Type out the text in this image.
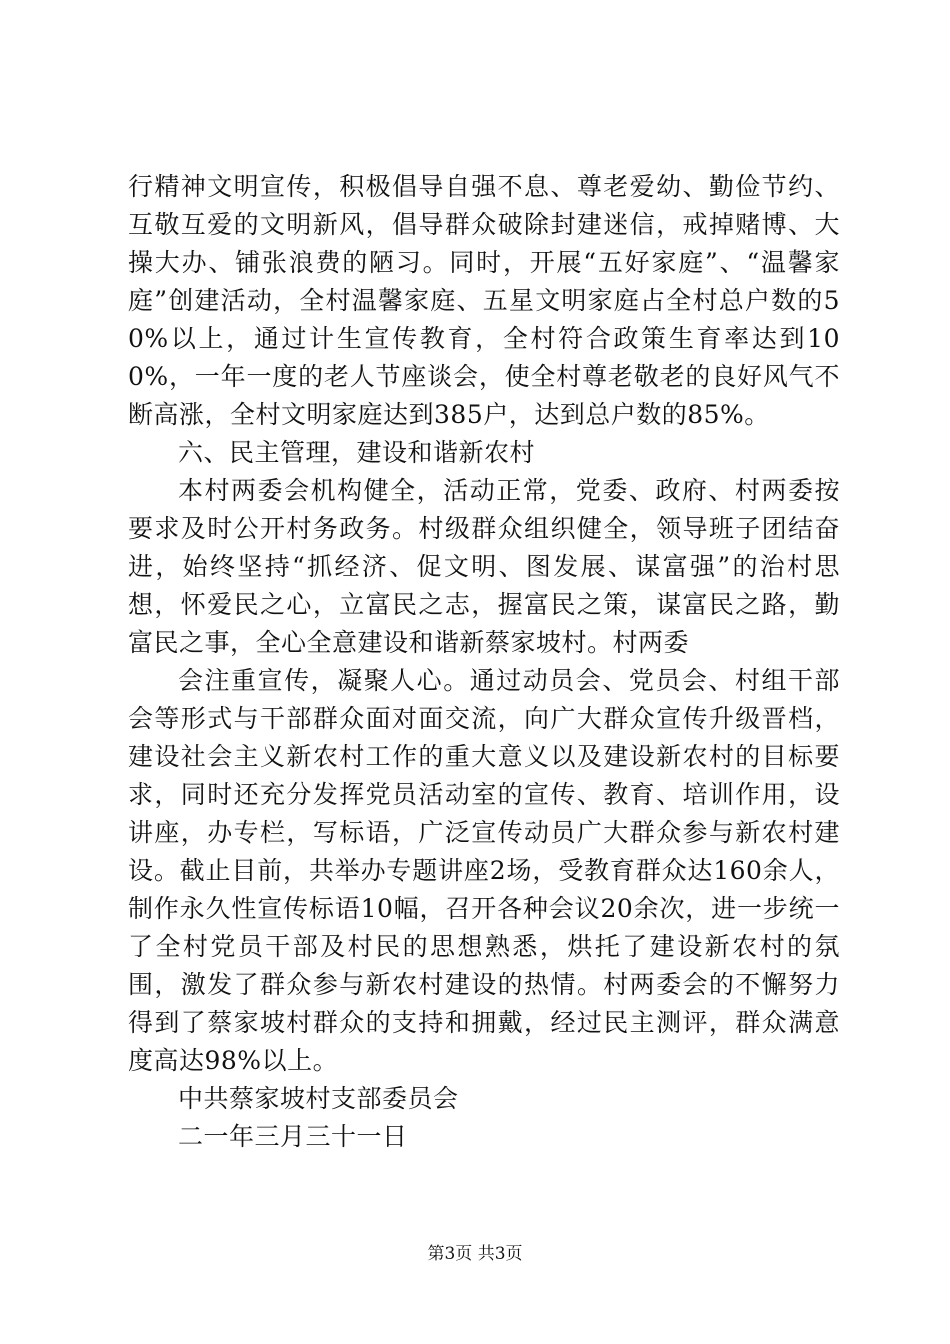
行精神文明宣传，积极倡导自强不息、尊老爱幼、勤俭节约、互敬互爱的文明新风，倡导群众破除封建迷信，戒掉赌博、大操大办、铺张浪费的陋习。同时，开展“五好家庭”、“温馨家庭”创建活动，全村温馨家庭、五星文明家庭占全村总户数的50%以上，通过计生宣传教育，全村符合政策生育率达到100%，一年一度的老人节座谈会，使全村尊老敬老的良好风气不断高涨，全村文明家庭达到385户，达到总户数的85%。

六、民主管理，建设和谐新农村

本村两委会机构健全，活动正常，党委、政府、村两委按要求及时公开村务政务。村级群众组织健全，领导班子团结奋进，始终坚持“抓经济、促文明、图发展、谋富强”的治村思想，怀爱民之心，立富民之志，握富民之策，谋富民之路，勤富民之事，全心全意建设和谐新蔡家坡村。村两委

会注重宣传，凝聚人心。通过动员会、党员会、村组干部会等形式与干部群众面对面交流，向广大群众宣传升级晋档，建设社会主义新农村工作的重大意义以及建设新农村的目标要求，同时还充分发挥党员活动室的宣传、教育、培训作用，设讲座，办专栏，写标语，广泛宣传动员广大群众参与新农村建设。截止目前，共举办专题讲座2场，受教育群众达160余人，制作永久性宣传标语10幅，召开各种会议20余次，进一步统一了全村党员干部及村民的思想熟悉，烘托了建设新农村的氛围，激发了群众参与新农村建设的热情。村两委会的不懈努力得到了蔡家坡村群众的支持和拥戴，经过民主测评，群众满意度高达98%以上。

中共蔡家坡村支部委员会

二一年三月三十一日

第3页 共3页
